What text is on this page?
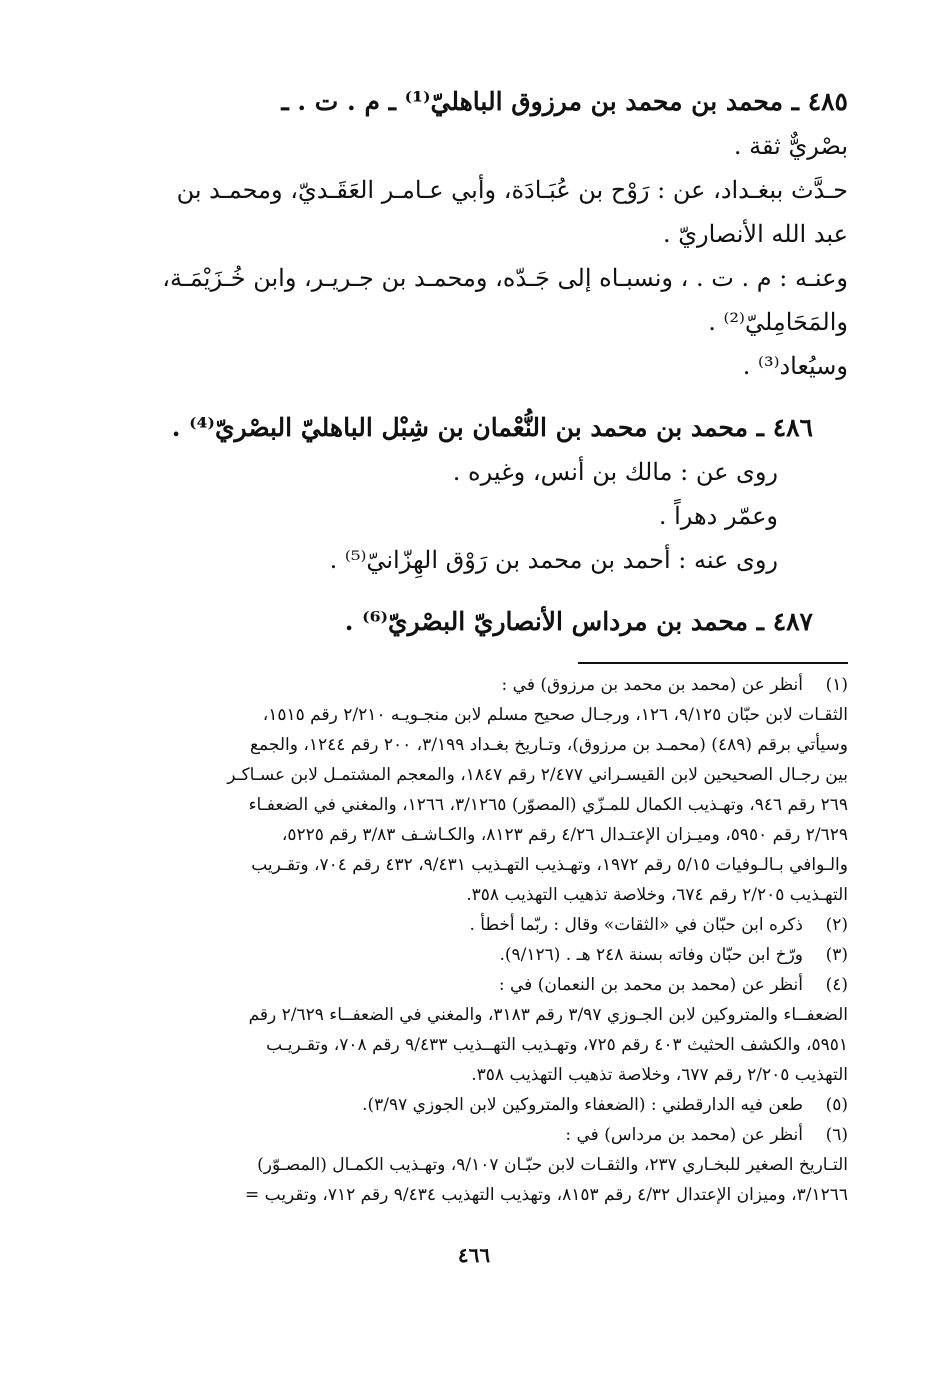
٤٨٥ ـ محمد بن محمد بن مرزوق الباهليّ⁽¹⁾ ـ م . ت . ـ
بصْريٌّ ثقة .
حـدَّث ببغـداد، عن : رَوْح بن عُبَـادَة، وأبي عـامـر العَقَـديّ، ومحمـد بن
عبد الله الأنصاريّ .
وعنـه : م . ت . ، ونسبـاه إلى جَـدّه، ومحمـد بن جـريـر، وابن خُـزَيْمَـة،
والمَحَامِليّ⁽²⁾ .
وسيُعاد⁽³⁾ .
٤٨٦ ـ محمد بن محمد بن النُّعْمان بن شِبْل الباهليّ البصْريّ⁽⁴⁾ .
روى عن : مالك بن أنس، وغيره .
وعمّر دهراً .
روى عنه : أحمد بن محمد بن رَوْق الهِزّانيّ⁽⁵⁾ .
٤٨٧ ـ محمد بن مرداس الأنصاريّ البصْريّ⁽⁶⁾ .
(١)
أنظر عن (محمد بن محمد بن مرزوق) في :
الثقـات لابن حبّان ٩/١٢٥، ١٢٦، ورجـال صحيح مسلم لابن منجـويـه ٢/٢١٠ رقم ١٥١٥،
وسيأتي برقم (٤٨٩) (محمـد بن مرزوق)، وتـاريخ بغـداد ٣/١٩٩، ٢٠٠ رقم ١٢٤٤، والجمع
بين رجـال الصحيحين لابن القيسـراني ٢/٤٧٧ رقم ١٨٤٧، والمعجم المشتمـل لابن عسـاكـر
٢٦٩ رقم ٩٤٦، وتهـذيب الكمال للمـزّي (المصوّر) ٣/١٢٦٥، ١٢٦٦، والمغني في الضعفـاء
٢/٦٢٩ رقم ٥٩٥٠، وميـزان الإعتـدال ٤/٢٦ رقم ٨١٢٣، والكـاشـف ٣/٨٣ رقم ٥٢٢٥،
والـوافي بـالـوفيات ٥/١٥ رقم ١٩٧٢، وتهـذيب التهـذيب ٩/٤٣١، ٤٣٢ رقم ٧٠٤، وتقـريب
التهـذيب ٢/٢٠٥ رقم ٦٧٤، وخلاصة تذهيب التهذيب ٣٥٨.
(٢)
ذكره ابن حبّان في «الثقات» وقال : ربّما أخطأ .
(٣)
ورّخ ابن حبّان وفاته بسنة ٢٤٨ هـ . (٩/١٢٦).
(٤)
أنظر عن (محمد بن محمد بن النعمان) في :
الضعفــاء والمتروكين لابن الجـوزي ٣/٩٧ رقم ٣١٨٣، والمغني في الضعفــاء ٢/٦٢٩ رقم
٥٩٥١، والكشف الحثيث ٤٠٣ رقم ٧٢٥، وتهـذيب التهــذيب ٩/٤٣٣ رقم ٧٠٨، وتقـريـب
التهذيب ٢/٢٠٥ رقم ٦٧٧، وخلاصة تذهيب التهذيب ٣٥٨.
(٥)
طعن فيه الدارقطني : (الضعفاء والمتروكين لابن الجوزي ٣/٩٧).
(٦)
أنظر عن (محمد بن مرداس) في :
التـاريخ الصغير للبخـاري ٢٣٧، والثقـات لابن حبّـان ٩/١٠٧، وتهـذيب الكمـال (المصـوّر)
٣/١٢٦٦، وميزان الإعتدال ٤/٣٢ رقم ٨١٥٣، وتهذيب التهذيب ٩/٤٣٤ رقم ٧١٢، وتقريب =
٤٦٦
